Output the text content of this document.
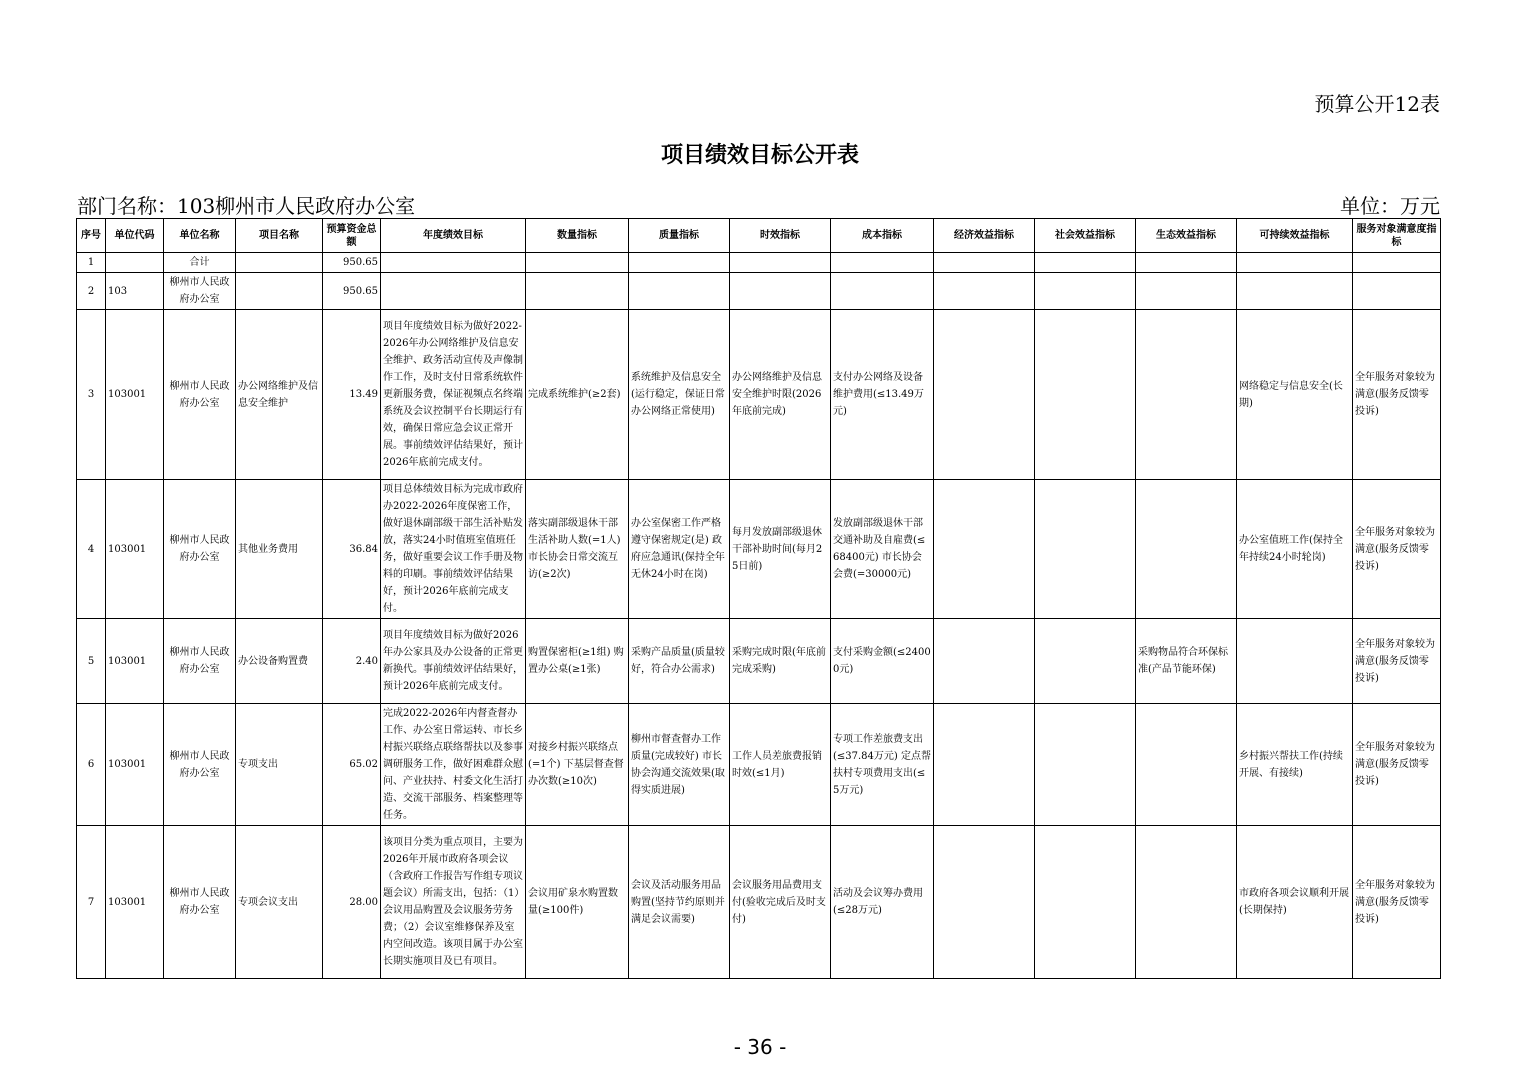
预算公开12表
项目绩效目标公开表
部门名称：103柳州市人民政府办公室	单位：万元
序号	单位代码	单位名称	项目名称	预算资金总额	年度绩效目标	数量指标	质量指标	时效指标	成本指标	经济效益指标	社会效益指标	生态效益指标	可持续效益指标	服务对象满意度指标
1		合计		950.65										
2	103	柳州市人民政府办公室		950.65										
3	103001	柳州市人民政府办公室	办公网络维护及信息安全维护	13.49	项目年度绩效目标为做好2022-2026年办公网络维护及信息安全维护、政务活动宣传及声像制作工作，及时支付日常系统软件更新服务费，保证视频点名终端系统及会议控制平台长期运行有效，确保日常应急会议正常开展。事前绩效评估结果好，预计2026年底前完成支付。	完成系统维护(≥2套)	系统维护及信息安全(运行稳定，保证日常办公网络正常使用)	办公网络维护及信息安全维护时限(2026年底前完成)	支付办公网络及设备维护费用(≤13.49万元)				网络稳定与信息安全(长期)	全年服务对象较为满意(服务反馈零投诉)
4	103001	柳州市人民政府办公室	其他业务费用	36.84	项目总体绩效目标为完成市政府办2022-2026年度保密工作，做好退休副部级干部生活补贴发放，落实24小时值班室值班任务，做好重要会议工作手册及物料的印刷。事前绩效评估结果好，预计2026年底前完成支付。	落实副部级退休干部生活补助人数(=1人) 市长协会日常交流互访(≥2次)	办公室保密工作严格遵守保密规定(是) 政府应急通讯(保持全年无休24小时在岗)	每月发放副部级退休干部补助时间(每月25日前)	发放副部级退休干部交通补助及自雇费(≤68400元) 市长协会会费(=30000元)				办公室值班工作(保持全年持续24小时轮岗)	全年服务对象较为满意(服务反馈零投诉)
5	103001	柳州市人民政府办公室	办公设备购置费	2.40	项目年度绩效目标为做好2026年办公家具及办公设备的正常更新换代。事前绩效评估结果好，预计2026年底前完成支付。	购置保密柜(≥1组) 购置办公桌(≥1张)	采购产品质量(质量较好，符合办公需求)	采购完成时限(年底前完成采购)	支付采购金额(≤24000元)			采购物品符合环保标准(产品节能环保)		全年服务对象较为满意(服务反馈零投诉)
6	103001	柳州市人民政府办公室	专项支出	65.02	完成2022-2026年内督查督办工作、办公室日常运转、市长乡村振兴联络点联络帮扶以及参事调研服务工作，做好困难群众慰问、产业扶持、村委文化生活打造、交流干部服务、档案整理等任务。	对接乡村振兴联络点(=1个) 下基层督查督办次数(≥10次)	柳州市督查督办工作质量(完成较好) 市长协会沟通交流效果(取得实质进展)	工作人员差旅费报销时效(≤1月)	专项工作差旅费支出(≤37.84万元) 定点帮扶村专项费用支出(≤5万元)				乡村振兴帮扶工作(持续开展、有接续)	全年服务对象较为满意(服务反馈零投诉)
7	103001	柳州市人民政府办公室	专项会议支出	28.00	该项目分类为重点项目，主要为2026年开展市政府各项会议（含政府工作报告写作组专项议题会议）所需支出，包括：（1）会议用品购置及会议服务劳务费；（2）会议室维修保养及室内空间改造。该项目属于办公室长期实施项目及已有项目。	会议用矿泉水购置数量(≥100件)	会议及活动服务用品购置(坚持节约原则并满足会议需要)	会议服务用品费用支付(验收完成后及时支付)	活动及会议筹办费用(≤28万元)				市政府各项会议顺利开展(长期保持)	全年服务对象较为满意(服务反馈零投诉)
- 36 -
